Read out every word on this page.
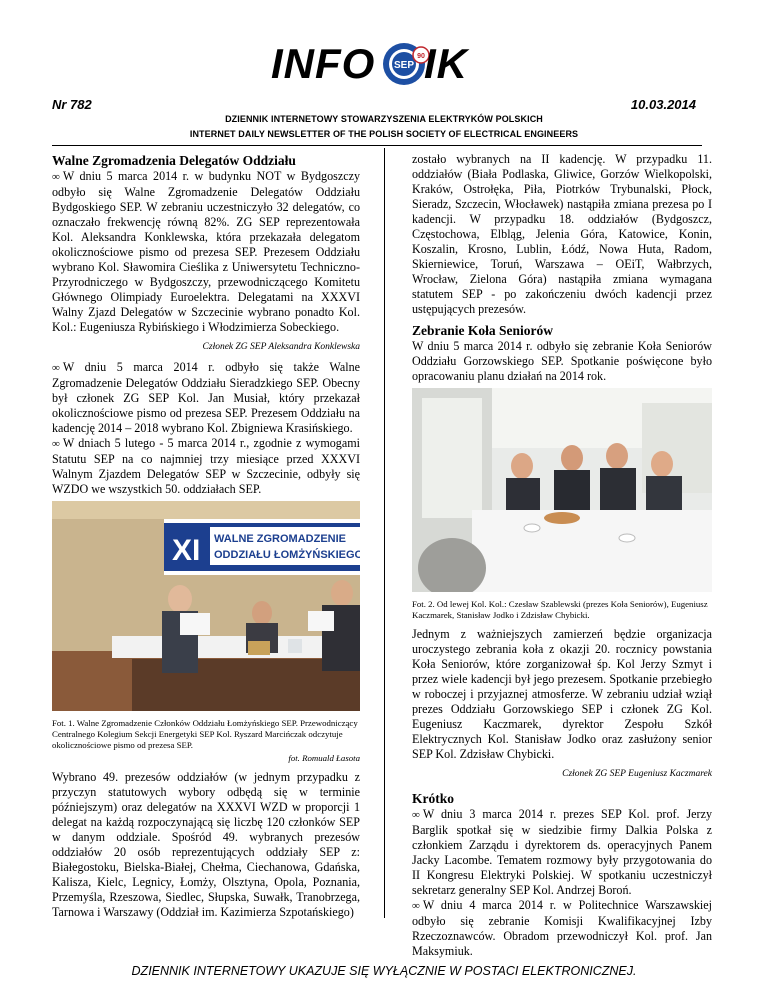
INFO SEP
90 IK
Nr 782	10.03.2014
DZIENNIK INTERNETOWY STOWARZYSZENIA ELEKTRYKÓW POLSKICH
INTERNET DAILY NEWSLETTER OF THE POLISH SOCIETY OF ELECTRICAL ENGINEERS
Walne Zgromadzenia Delegatów Oddziału

∞ W dniu 5 marca 2014 r. w budynku NOT w Bydgoszczy odbyło się Walne Zgromadzenie Delegatów Oddziału Bydgoskiego SEP. W zebraniu uczestniczyło 32 delegatów, co oznaczało frekwencję równą 82%. ZG SEP reprezentowała Kol. Aleksandra Konklewska, która przekazała delegatom okolicznościowe pismo od prezesa SEP. Prezesem Oddziału wybrano Kol. Sławomira Cieślika z Uniwersytetu Techniczno-Przyrodniczego w Bydgoszczy, przewodniczącego Komitetu Głównego Olimpiady Euroelektra. Delegatami na XXXVI Walny Zjazd Delegatów w Szczecinie wybrano ponadto Kol. Kol.: Eugeniusza Rybińskiego i Włodzimierza Sobeckiego.

Członek ZG SEP Aleksandra Konklewska

∞ W dniu 5 marca 2014 r. odbyło się także Walne Zgromadzenie Delegatów Oddziału Sieradzkiego SEP. Obecny był członek ZG SEP Kol. Jan Musiał, który przekazał okolicznościowe pismo od prezesa SEP. Prezesem Oddziału na kadencję 2014 – 2018 wybrano Kol. Zbigniewa Krasińskiego.

∞ W dniach 5 lutego - 5 marca 2014 r., zgodnie z wymogami Statutu SEP na co najmniej trzy miesiące przed XXXVI Walnym Zjazdem Delegatów SEP w Szczecinie, odbyły się WZDO we wszystkich 50. oddziałach SEP.

XI WALNE ZGROMADZENIE
ODDZIAŁU ŁOMŻYŃSKIEGO
Fot. 1. Walne Zgromadzenie Członków Oddziału Łomżyńskiego SEP. Przewodniczący Centralnego Kolegium Sekcji Energetyki SEP Kol. Ryszard Marcińczak odczytuje okolicznościowe pismo od prezesa SEP.
fot. Romuald Łasota

Wybrano 49. prezesów oddziałów (w jednym przypadku z przyczyn statutowych wybory odbędą się w terminie późniejszym) oraz delegatów na XXXVI WZD w proporcji 1 delegat na każdą rozpoczynającą się liczbę 120 członków SEP w danym oddziale. Spośród 49. wybranych prezesów oddziałów 20 osób reprezentujących oddziały SEP z: Białegostoku, Bielska-Białej, Chełma, Ciechanowa, Gdańska, Kalisza, Kielc, Legnicy, Łomży, Olsztyna, Opola, Poznania, Przemyśla, Rzeszowa, Siedlec, Słupska, Suwałk, Tranobrzega, Tarnowa i Warszawy (Oddział im. Kazimierza Szpotańskiego)

zostało wybranych na II kadencję. W przypadku 11. oddziałów (Biała Podlaska, Gliwice, Gorzów Wielkopolski, Kraków, Ostrołęka, Piła, Piotrków Trybunalski, Płock, Sieradz, Szczecin, Włocławek) nastąpiła zmiana prezesa po I kadencji. W przypadku 18. oddziałów (Bydgoszcz, Częstochowa, Elbląg, Jelenia Góra, Katowice, Konin, Koszalin, Krosno, Lublin, Łódź, Nowa Huta, Radom, Skierniewice, Toruń, Warszawa – OEiT, Wałbrzych, Wrocław, Zielona Góra) nastąpiła zmiana wymagana statutem SEP - po zakończeniu dwóch kadencji przez ustępujących prezesów.

Zebranie Koła Seniorów

W dniu 5 marca 2014 r. odbyło się zebranie Koła Seniorów Oddziału Gorzowskiego SEP. Spotkanie poświęcone było opracowaniu planu działań na 2014 rok.

Fot. 2. Od lewej Kol. Kol.: Czesław Szablewski (prezes Koła Seniorów), Eugeniusz Kaczmarek, Stanisław Jodko i Zdzisław Chybicki.

Jednym z ważniejszych zamierzeń będzie organizacja uroczystego zebrania koła z okazji 20. rocznicy powstania Koła Seniorów, które zorganizował śp. Kol Jerzy Szmyt i przez wiele kadencji był jego prezesem. Spotkanie przebiegło w roboczej i przyjaznej atmosferze. W zebraniu udział wziął prezes Oddziału Gorzowskiego SEP i członek ZG Kol. Eugeniusz Kaczmarek, dyrektor Zespołu Szkół Elektrycznych Kol. Stanisław Jodko oraz zasłużony senior SEP Kol. Zdzisław Chybicki.

Członek ZG SEP Eugeniusz Kaczmarek
Krótko

∞ W dniu 3 marca 2014 r. prezes SEP Kol. prof. Jerzy Barglik spotkał się w siedzibie firmy Dalkia Polska z członkiem Zarządu i dyrektorem ds. operacyjnych Panem Jacky Lacombe. Tematem rozmowy były przygotowania do II Kongresu Elektryki Polskiej. W spotkaniu uczestniczył sekretarz generalny SEP Kol. Andrzej Boroń.

∞ W dniu 4 marca 2014 r. w Politechnice Warszawskiej odbyło się zebranie Komisji Kwalifikacyjnej Izby Rzeczoznawców. Obradom przewodniczył Kol. prof. Jan Maksymiuk.

DZIENNIK INTERNETOWY UKAZUJE SIĘ WYŁĄCZNIE W POSTACI ELEKTRONICZNEJ.
